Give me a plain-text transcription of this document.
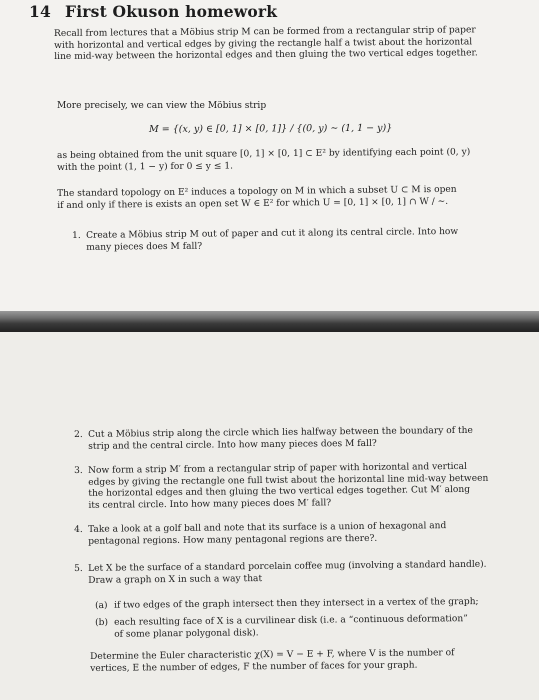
14 First Okuson homework
Recall from lectures that a Möbius strip M can be formed from a rectangular strip of paper
with horizontal and vertical edges by giving the rectangle half a twist about the horizontal
line mid-way between the horizontal edges and then gluing the two vertical edges together.
More precisely, we can view the Möbius strip
M = {(x, y) ∈ [0, 1] × [0, 1]} / {(0, y) ∼ (1, 1 − y)}
as being obtained from the unit square [0, 1] × [0, 1] ⊂ E² by identifying each point (0, y)
with the point (1, 1 − y) for 0 ≤ y ≤ 1.
The standard topology on E² induces a topology on M in which a subset U ⊂ M is open
if and only if there is exists an open set W ∈ E² for which U = [0, 1] × [0, 1] ∩ W / ∼.
1. Create a Möbius strip M out of paper and cut it along its central circle. Into how
many pieces does M fall?
2. Cut a Möbius strip along the circle which lies halfway between the boundary of the
strip and the central circle. Into how many pieces does M fall?
3. Now form a strip M′ from a rectangular strip of paper with horizontal and vertical
edges by giving the rectangle one full twist about the horizontal line mid-way between
the horizontal edges and then gluing the two vertical edges together. Cut M′ along
its central circle. Into how many pieces does M′ fall?
4. Take a look at a golf ball and note that its surface is a union of hexagonal and
pentagonal regions. How many pentagonal regions are there?.
5. Let X be the surface of a standard porcelain coffee mug (involving a standard handle).
Draw a graph on X in such a way that
(a) if two edges of the graph intersect then they intersect in a vertex of the graph;
(b) each resulting face of X is a curvilinear disk (i.e. a “continuous deformation”
of some planar polygonal disk).
Determine the Euler characteristic χ(X) = V − E + F, where V is the number of
vertices, E the number of edges, F the number of faces for your graph.
